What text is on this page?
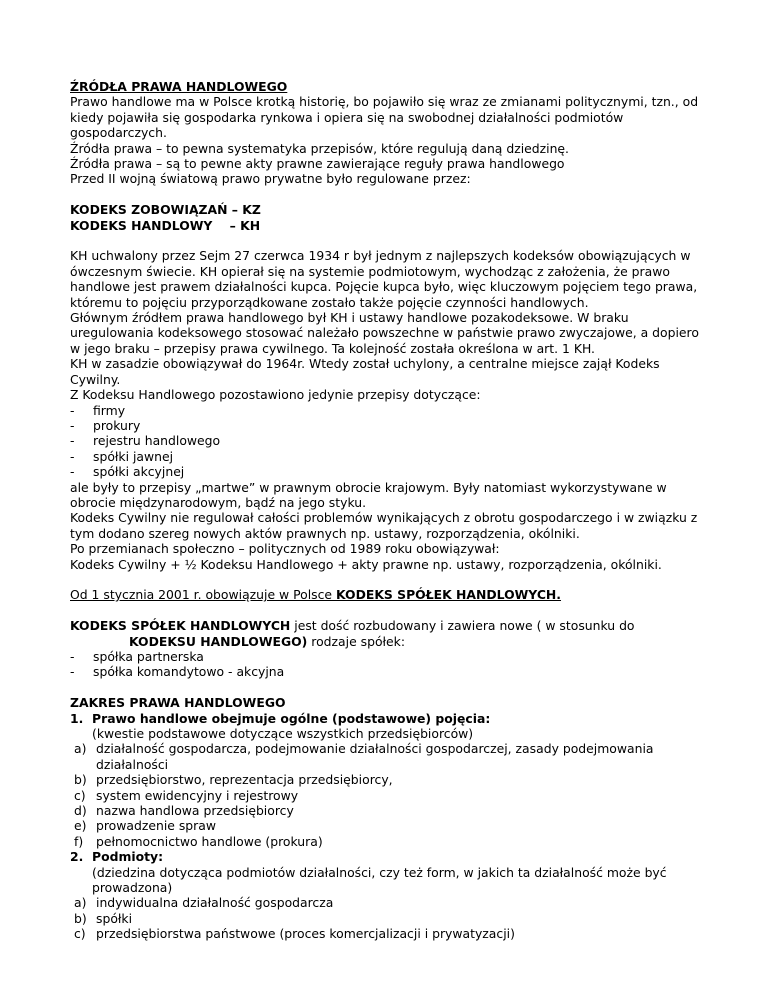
ŹRÓDŁA PRAWA HANDLOWEGO

Prawo handlowe ma w Polsce krotką historię, bo pojawiło się wraz ze zmianami politycznymi, tzn., od kiedy pojawiła się gospodarka rynkowa i opiera się na swobodnej działalności podmiotów gospodarczych.

Źródła prawa – to pewna systematyka przepisów, które regulują daną dziedzinę.

Źródła prawa – są to pewne akty prawne zawierające reguły prawa handlowego

Przed II wojną światową prawo prywatne było regulowane przez:

KODEKS ZOBOWIĄZAŃ – KZ

KODEKS HANDLOWY    – KH

KH uchwalony przez Sejm 27 czerwca 1934 r był jednym z najlepszych kodeksów obowiązujących w ówczesnym świecie. KH opierał się na systemie podmiotowym, wychodząc z założenia, że prawo handlowe jest prawem działalności kupca. Pojęcie kupca było, więc kluczowym pojęciem tego prawa, któremu to pojęciu przyporządkowane zostało także pojęcie czynności handlowych.

Głównym źródłem prawa handlowego był KH i ustawy handlowe pozakodeksowe. W braku uregulowania kodeksowego stosować należało powszechne w państwie prawo zwyczajowe, a dopiero w jego braku – przepisy prawa cywilnego. Ta kolejność została określona w art. 1 KH.

KH w zasadzie obowiązywał do 1964r. Wtedy został uchylony, a centralne miejsce zajął Kodeks Cywilny.

Z Kodeksu Handlowego pozostawiono jedynie przepisy dotyczące:

- firmy
- prokury
- rejestru handlowego
- spółki jawnej
- spółki akcyjnej

ale były to przepisy „martwe” w prawnym obrocie krajowym. Były natomiast wykorzystywane w obrocie międzynarodowym, bądź na jego styku.

Kodeks Cywilny nie regulował całości problemów wynikających z obrotu gospodarczego i w związku z tym dodano szereg nowych aktów prawnych np. ustawy, rozporządzenia, okólniki.

Po przemianach społeczno – politycznych od 1989 roku obowiązywał:

Kodeks Cywilny + ½ Kodeksu Handlowego + akty prawne np. ustawy, rozporządzenia, okólniki.

Od 1 stycznia 2001 r. obowiązuje w Polsce KODEKS SPÓŁEK HANDLOWYCH.

KODEKS SPÓŁEK HANDLOWYCH jest dość rozbudowany i zawiera nowe ( w stosunku do

KODEKSU HANDLOWEGO) rodzaje spółek:

- spółka partnerska
- spółka komandytowo - akcyjna

ZAKRES PRAWA HANDLOWEGO

1. Prawo handlowe obejmuje ogólne (podstawowe) pojęcia:

(kwestie podstawowe dotyczące wszystkich przedsiębiorców)

a) działalność gospodarcza, podejmowanie działalności gospodarczej, zasady podejmowania działalności
b) przedsiębiorstwo, reprezentacja przedsiębiorcy,
c) system ewidencyjny i rejestrowy
d) nazwa handlowa przedsiębiorcy
e) prowadzenie spraw
f) pełnomocnictwo handlowe (prokura)
2. Podmioty:

(dziedzina dotycząca podmiotów działalności, czy też form, w jakich ta działalność może być prowadzona)

a) indywidualna działalność gospodarcza
b) spółki
c) przedsiębiorstwa państwowe (proces komercjalizacji i prywatyzacji)
